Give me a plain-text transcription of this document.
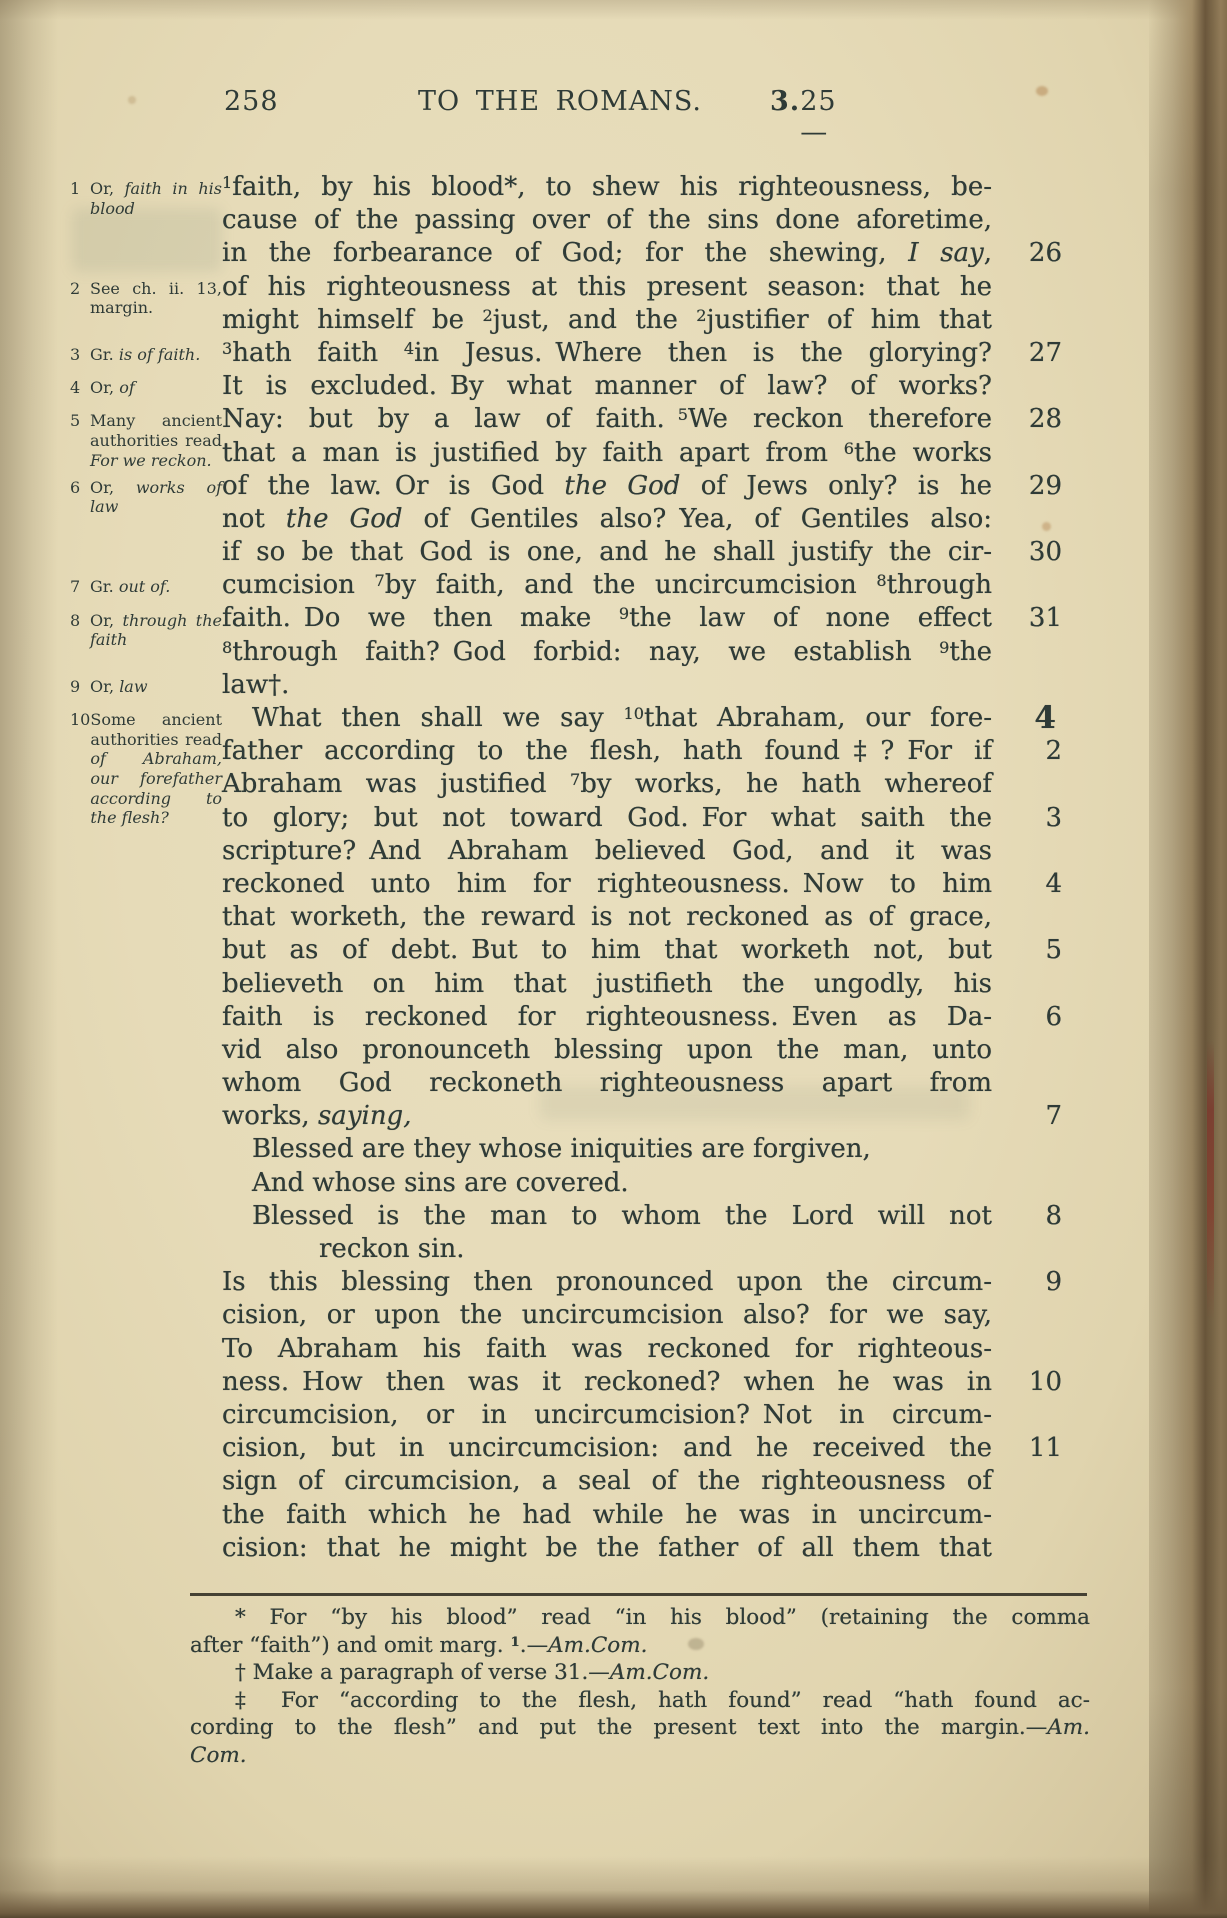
258	TO THE ROMANS.	3. 25—
1 Or, faith in his blood
2 See ch. ii. 13, margin.
3 Gr. is of faith.
4 Or, of
5 Many ancient authorities read For we reckon.
6 Or, works of law
7 Gr. out of.
8 Or, through the faith
9 Or, law
10 Some ancient authorities read of Abraham, our forefather according to the flesh?
$^1$faith, by his blood*, to shew his righteousness, be-
cause of the passing over of the sins done aforetime,
in the forbearance of God; for the shewing, I say,	26
of his righteousness at this present season: that he
might himself be $^2$just, and the $^2$justifier of him that
$^3$hath faith $^4$in Jesus. Where then is the glorying?	27
It is excluded. By what manner of law? of works?
Nay: but by a law of faith. $^5$We reckon therefore	28
that a man is justified by faith apart from $^6$the works
of the law. Or is God the God of Jews only? is he	29
not the God of Gentiles also? Yea, of Gentiles also:
if so be that God is one, and he shall justify the cir-	30
cumcision $^7$by faith, and the uncircumcision $^8$through
faith. Do we then make $^9$the law of none effect	31
$^8$through faith? God forbid: nay, we establish $^9$the
law†.
What then shall we say $^{10}$that Abraham, our fore-	4
father according to the flesh, hath found‡? For if	2
Abraham was justified $^7$by works, he hath whereof
to glory; but not toward God. For what saith the	3
scripture? And Abraham believed God, and it was
reckoned unto him for righteousness. Now to him	4
that worketh, the reward is not reckoned as of grace,
but as of debt. But to him that worketh not, but	5
believeth on him that justifieth the ungodly, his
faith is reckoned for righteousness. Even as Da-	6
vid also pronounceth blessing upon the man, unto
whom God reckoneth righteousness apart from
works, saying,	7
Blessed are they whose iniquities are forgiven,
And whose sins are covered.
Blessed is the man to whom the Lord will not	8
reckon sin.
Is this blessing then pronounced upon the circum-	9
cision, or upon the uncircumcision also? for we say,
To Abraham his faith was reckoned for righteous-
ness. How then was it reckoned? when he was in	10
circumcision, or in uncircumcision? Not in circum-
cision, but in uncircumcision: and he received the	11
sign of circumcision, a seal of the righteousness of
the faith which he had while he was in uncircum-
cision: that he might be the father of all them that
* For “by his blood” read “in his blood” (retaining the comma
after “faith”) and omit marg. $^1$.—Am.Com.
† Make a paragraph of verse 31.—Am.Com.
‡ For “according to the flesh, hath found” read “hath found ac-
cording to the flesh” and put the present text into the margin.—Am.
Com.
